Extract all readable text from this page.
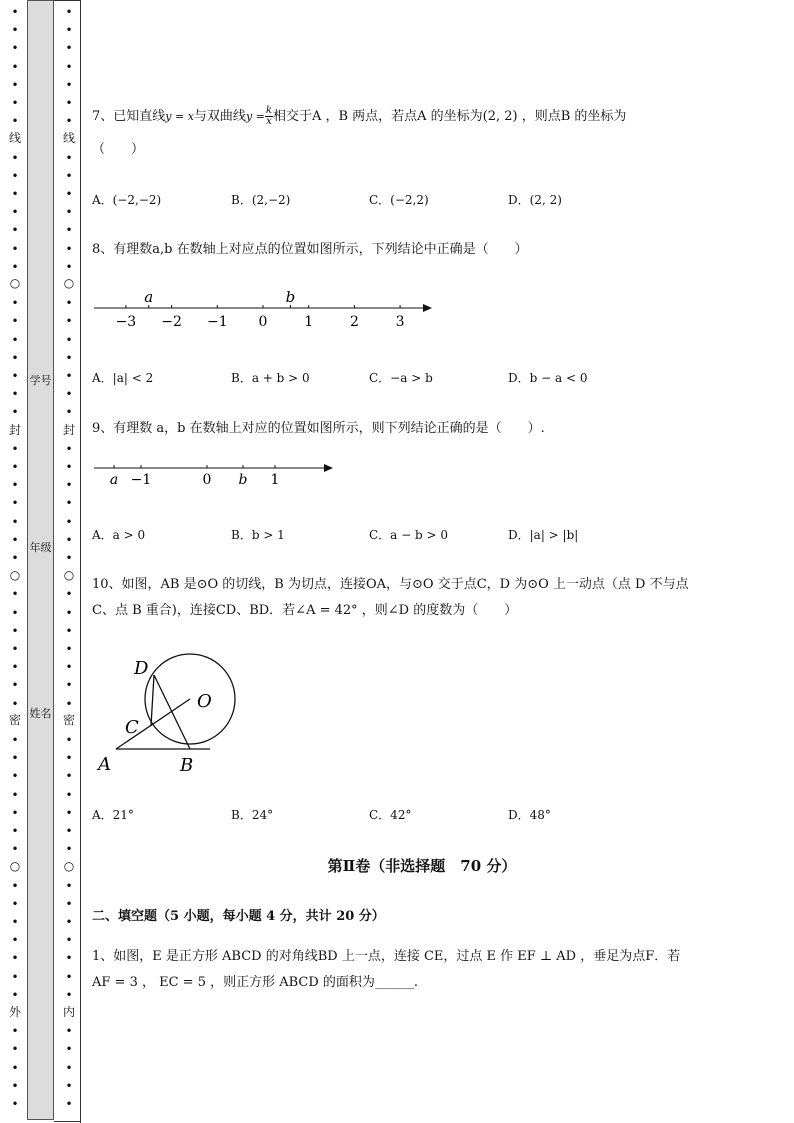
○
○
○
线
封
密
外
•
•
•
•
•
•
•
•
•
•
•
•
•
•
•
•
•
•
•
•
•
•
•
•
•
•
•
•
•
•
•
•
•
•
•
•
•
•
•
•
•
•
•
•
•
•
•
•
•
•
•
•
•
•
学号
年级
姓名
○
○
○
线
封
密
内
•
•
•
•
•
•
•
•
•
•
•
•
•
•
•
•
•
•
•
•
•
•
•
•
•
•
•
•
•
•
•
•
•
•
•
•
•
•
•
•
•
•
•
•
•
•
•
•
•
•
•
•
•
•
7、已知直线y = x与双曲线$y = \frac{k}{x}$ 相交于A ，B 两点，若点A 的坐标为(2, 2) ，则点B 的坐标为
（　　）
A．(−2,−2)	B．(2,−2)	C．(−2,2)	D．(2, 2)
8、有理数a,b 在数轴上对应点的位置如图所示，下列结论中正确是（　　）
−3 −2 −1 0	1	2	3
a	b
A．|a| < 2	B．a + b > 0	C．−a > b	D．b − a < 0
9、有理数 a，b 在数轴上对应的位置如图所示，则下列结论正确的是（　　）.
a −1	0 b 1
A．a > 0	B．b > 1	C．a − b > 0	D．|a| > |b|
10、如图，AB 是⊙O 的切线，B 为切点，连接OA，与⊙O 交于点C，D 为⊙O 上一动点（点 D 不与点
C、点 B 重合)，连接CD、BD．若∠A = 42° ，则∠D 的度数为（　　）
D
O
C
A	B
A．21°	B．24°	C．42°	D．48°
第Ⅱ卷（非选择题　70 分）
二、填空题（5 小题，每小题 4 分，共计 20 分）
1、如图，E 是正方形 ABCD 的对角线BD 上一点，连接 CE，过点 E 作 EF ⊥ AD ，垂足为点F．若
AF = 3 ， EC = 5 ，则正方形 ABCD 的面积为______.
